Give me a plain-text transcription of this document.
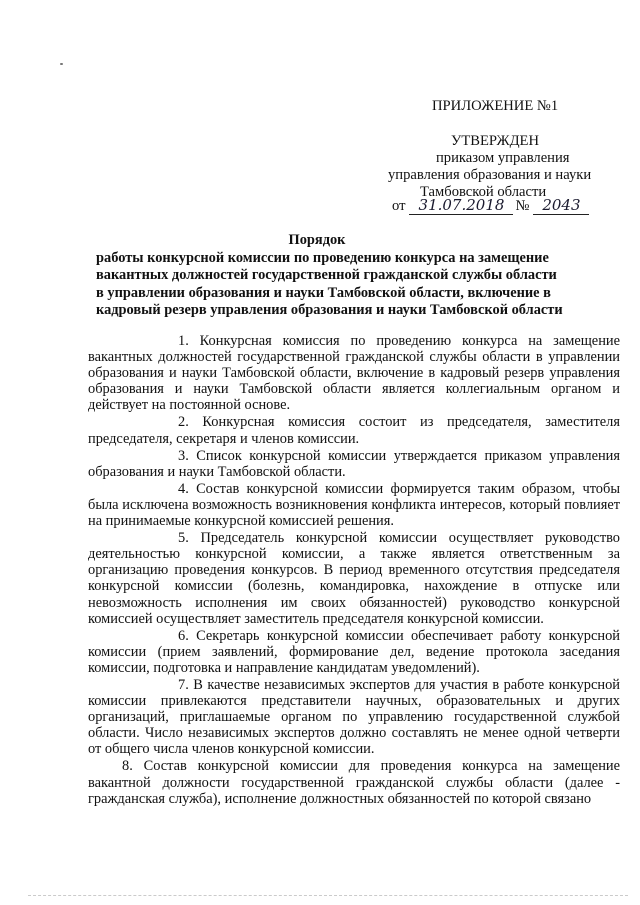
ПРИЛОЖЕНИЕ №1
УТВЕРЖДЕН
приказом управления
управления образования и науки
Тамбовской области
от 31.07.2018 № 2043
Порядок
работы конкурсной комиссии по проведению конкурса на замещение
вакантных должностей государственной гражданской службы области
в управлении образования и науки Тамбовской области, включение в
кадровый резерв управления образования и науки Тамбовской области

1. Конкурсная комиссия по проведению конкурса на замещение вакантных должностей государственной гражданской службы области в управлении образования и науки Тамбовской области, включение в кадровый резерв управления образования и науки Тамбовской области является коллегиальным органом и действует на постоянной основе.

2. Конкурсная комиссия состоит из председателя, заместителя председателя, секретаря и членов комиссии.

3. Список конкурсной комиссии утверждается приказом управления образования и науки Тамбовской области.

4. Состав конкурсной комиссии формируется таким образом, чтобы была исключена возможность возникновения конфликта интересов, который повлияет на принимаемые конкурсной комиссией решения.

5. Председатель конкурсной комиссии осуществляет руководство деятельностью конкурсной комиссии, а также является ответственным за организацию проведения конкурсов. В период временного отсутствия председателя конкурсной комиссии (болезнь, командировка, нахождение в отпуске или невозможность исполнения им своих обязанностей) руководство конкурсной комиссией осуществляет заместитель председателя конкурсной комиссии.

6. Секретарь конкурсной комиссии обеспечивает работу конкурсной комиссии (прием заявлений, формирование дел, ведение протокола заседания комиссии, подготовка и направление кандидатам уведомлений).

7. В качестве независимых экспертов для участия в работе конкурсной комиссии привлекаются представители научных, образовательных и других организаций, приглашаемые органом по управлению государственной службой области. Число независимых экспертов должно составлять не менее одной четверти от общего числа членов конкурсной комиссии.

8. Состав конкурсной комиссии для проведения конкурса на замещение вакантной должности государственной гражданской службы области (далее - гражданская служба), исполнение должностных обязанностей по которой связано
